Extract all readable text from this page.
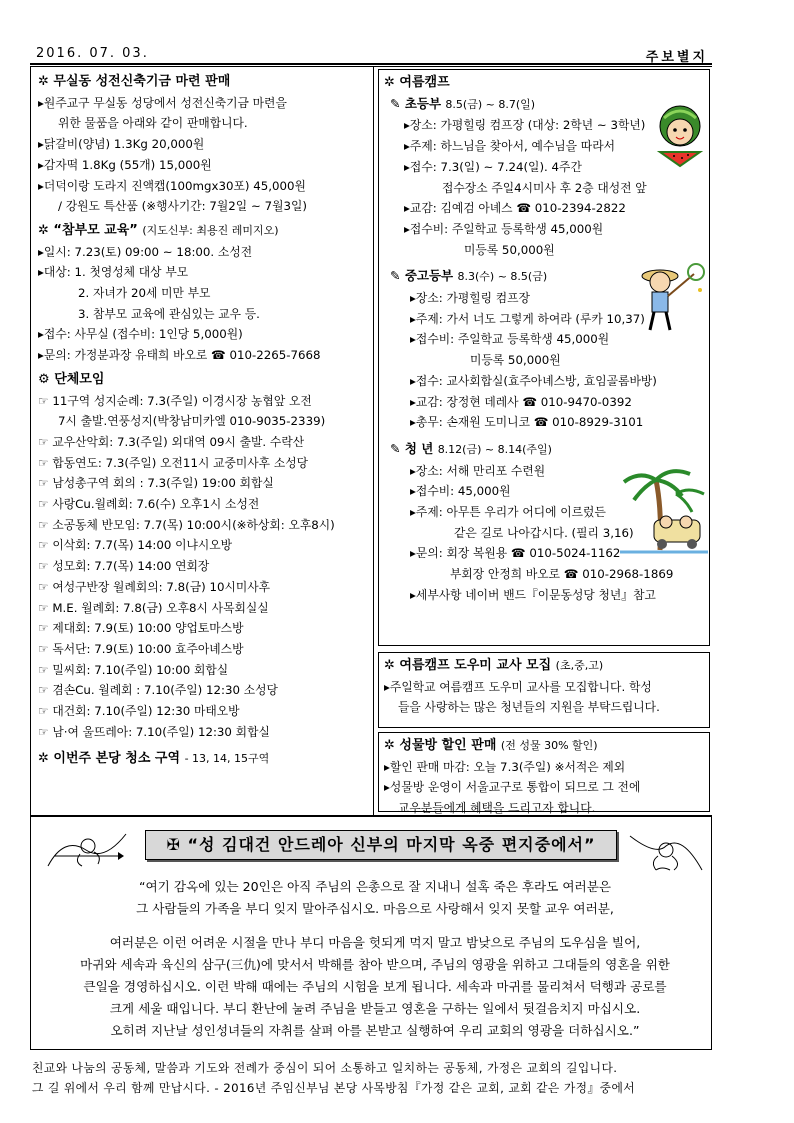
2016. 07. 03.	주보별지
✲ 무실동 성전신축기금 마련 판매
▸원주교구 무실동 성당에서 성전신축기금 마련을
위한 물품을 아래와 같이 판매합니다.
▸닭갈비(양념) 1.3Kg 20,000원
▸감자떡 1.8Kg (55개) 15,000원
▸더덕이랑 도라지 진액캡(100mgx30포) 45,000원
/ 강원도 특산품 (※행사기간: 7월2일 ~ 7월3일)
✲ “참부모 교육” (지도신부: 최용진 레미지오)
▸일시: 7.23(토) 09:00 ~ 18:00. 소성전
▸대상: 1. 첫영성체 대상 부모
2. 자녀가 20세 미만 부모
3. 참부모 교육에 관심있는 교우 등.
▸접수: 사무실 (접수비: 1인당 5,000원)
▸문의: 가정분과장 유태희 바오로 ☎ 010-2265-7668
⚙ 단체모임
☞ 11구역 성지순례: 7.3(주일) 이경시장 농협앞 오전
7시 출발.연풍성지(박창남미카엘 010-9035-2339)
☞ 교우산악회: 7.3(주일) 외대역 09시 출발. 수락산
☞ 합동연도: 7.3(주일) 오전11시 교중미사후 소성당
☞ 남성총구역 회의 : 7.3(주일) 19:00 회합실
☞ 사랑Cu.월례회: 7.6(수) 오후1시 소성전
☞ 소공동체 반모임: 7.7(목) 10:00시(※하상회: 오후8시)
☞ 이삭회: 7.7(목) 14:00 이냐시오방
☞ 성모회: 7.7(목) 14:00 연회장
☞ 여성구반장 월례회의: 7.8(금) 10시미사후
☞ M.E. 월례회: 7.8(금) 오후8시 사목회실실
☞ 제대회: 7.9(토) 10:00 양업토마스방
☞ 독서단: 7.9(토) 10:00 효주아녜스방
☞ 밀씨회: 7.10(주일) 10:00 회합실
☞ 겸손Cu. 월례회 : 7.10(주일) 12:30 소성당
☞ 대건회: 7.10(주일) 12:30 마태오방
☞ 남·여 울뜨레아: 7.10(주일) 12:30 회합실
✲ 이번주 본당 청소 구역 - 13, 14, 15구역
✲ 여름캠프
✎ 초등부 8.5(금) ~ 8.7(일)
▸장소: 가평힐링 컴프장 (대상: 2학년 ~ 3학년)
▸주제: 하느님을 찾아서, 예수님을 따라서
▸접수: 7.3(일) ~ 7.24(일). 4주간
접수장소 주일4시미사 후 2층 대성전 앞
▸교감: 김예검 아녜스 ☎ 010-2394-2822
▸접수비: 주일학교 등록학생 45,000원
미등록 50,000원
✎ 중고등부 8.3(수) ~ 8.5(금)
▸장소: 가평힐링 컴프장
▸주제: 가서 너도 그렇게 하여라 (루카 10,37)
▸접수비: 주일학교 등록학생 45,000원
미등록 50,000원
▸접수: 교사회합실(효주아녜스방, 효임골롬바방)
▸교감: 장정현 데레사 ☎ 010-9470-0392
▸총무: 손재원 도미니코 ☎ 010-8929-3101
✎ 청 년 8.12(금) ~ 8.14(주일)
▸장소: 서해 만리포 수련원
▸접수비: 45,000원
▸주제: 아무튼 우리가 어디에 이르렀든
같은 길로 나아갑시다. (필리 3,16)
▸문의: 회장 복원용 ☎ 010-5024-1162
부회장 안정희 바오로 ☎ 010-2968-1869
▸세부사항 네이버 밴드『이문동성당 청년』참고
✲ 여름캠프 도우미 교사 모집 (초,중,고)
▸주일학교 여름캠프 도우미 교사를 모집합니다. 학성
들을 사랑하는 많은 청년들의 지원을 부탁드립니다.
✲ 성물방 할인 판매 (전 성물 30% 할인)
▸할인 판매 마감: 오늘 7.3(주일) ※서적은 제외
▸성물방 운영이 서울교구로 통합이 되므로 그 전에
교우분들에게 혜택을 드리고자 합니다.
✠ “성 김대건 안드레아 신부의 마지막 옥중 편지중에서”
“여기 감옥에 있는 20인은 아직 주님의 은총으로 잘 지내니 설혹 죽은 후라도 여러분은
그 사람들의 가족을 부디 잊지 말아주십시오. 마음으로 사랑해서 잊지 못할 교우 여러분,
여러분은 이런 어려운 시절을 만나 부디 마음을 헛되게 먹지 말고 밤낮으로 주님의 도우심을 빌어,
마귀와 세속과 육신의 삼구(三仇)에 맞서서 박해를 참아 받으며, 주님의 영광을 위하고 그대들의 영혼을 위한
큰일을 경영하십시오. 이런 박해 때에는 주님의 시험을 보게 됩니다. 세속과 마귀를 물리쳐서 덕행과 공로를
크게 세울 때입니다. 부디 환난에 눌려 주님을 받들고 영혼을 구하는 일에서 뒷걸음치지 마십시오.
오히려 지난날 성인성녀들의 자취를 살펴 아를 본받고 실행하여 우리 교회의 영광을 더하십시오.”
친교와 나눔의 공동체, 말씀과 기도와 전례가 중심이 되어 소통하고 일치하는 공동체, 가정은 교회의 길입니다.
그 길 위에서 우리 함께 만납시다. - 2016년 주임신부님 본당 사목방침『가정 같은 교회, 교회 같은 가정』중에서
